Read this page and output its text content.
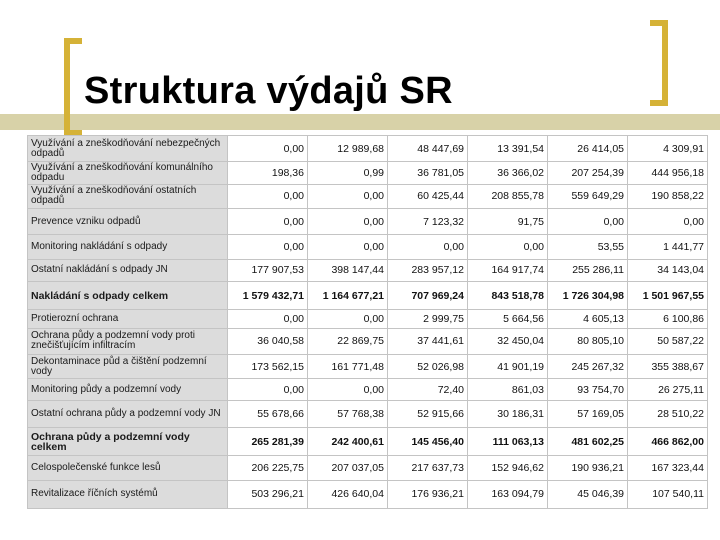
Struktura výdajů SR
Využívání a zneškodňování nebezpečných odpadů	0,00	12 989,68	48 447,69	13 391,54	26 414,05	4 309,91
Využívání a zneškodňování komunálního odpadu	198,36	0,99	36 781,05	36 366,02	207 254,39	444 956,18
Využívání a zneškodňování ostatních odpadů	0,00	0,00	60 425,44	208 855,78	559 649,29	190 858,22
Prevence vzniku odpadů	0,00	0,00	7 123,32	91,75	0,00	0,00
Monitoring nakládání s odpady	0,00	0,00	0,00	0,00	53,55	1 441,77
Ostatní nakládání s odpady JN	177 907,53	398 147,44	283 957,12	164 917,74	255 286,11	34 143,04
Nakládání s odpady celkem	1 579 432,71	1 164 677,21	707 969,24	843 518,78	1 726 304,98	1 501 967,55
Protierozní ochrana	0,00	0,00	2 999,75	5 664,56	4 605,13	6 100,86
Ochrana půdy a podzemní vody proti znečišťujícím infiltracím	36 040,58	22 869,75	37 441,61	32 450,04	80 805,10	50 587,22
Dekontaminace půd a čištění podzemní vody	173 562,15	161 771,48	52 026,98	41 901,19	245 267,32	355 388,67
Monitoring půdy a podzemní vody	0,00	0,00	72,40	861,03	93 754,70	26 275,11
Ostatní ochrana půdy a podzemní vody JN	55 678,66	57 768,38	52 915,66	30 186,31	57 169,05	28 510,22
Ochrana půdy a podzemní vody celkem	265 281,39	242 400,61	145 456,40	111 063,13	481 602,25	466 862,00
Celospolečenské funkce lesů	206 225,75	207 037,05	217 637,73	152 946,62	190 936,21	167 323,44
Revitalizace říčních systémů	503 296,21	426 640,04	176 936,21	163 094,79	45 046,39	107 540,11
